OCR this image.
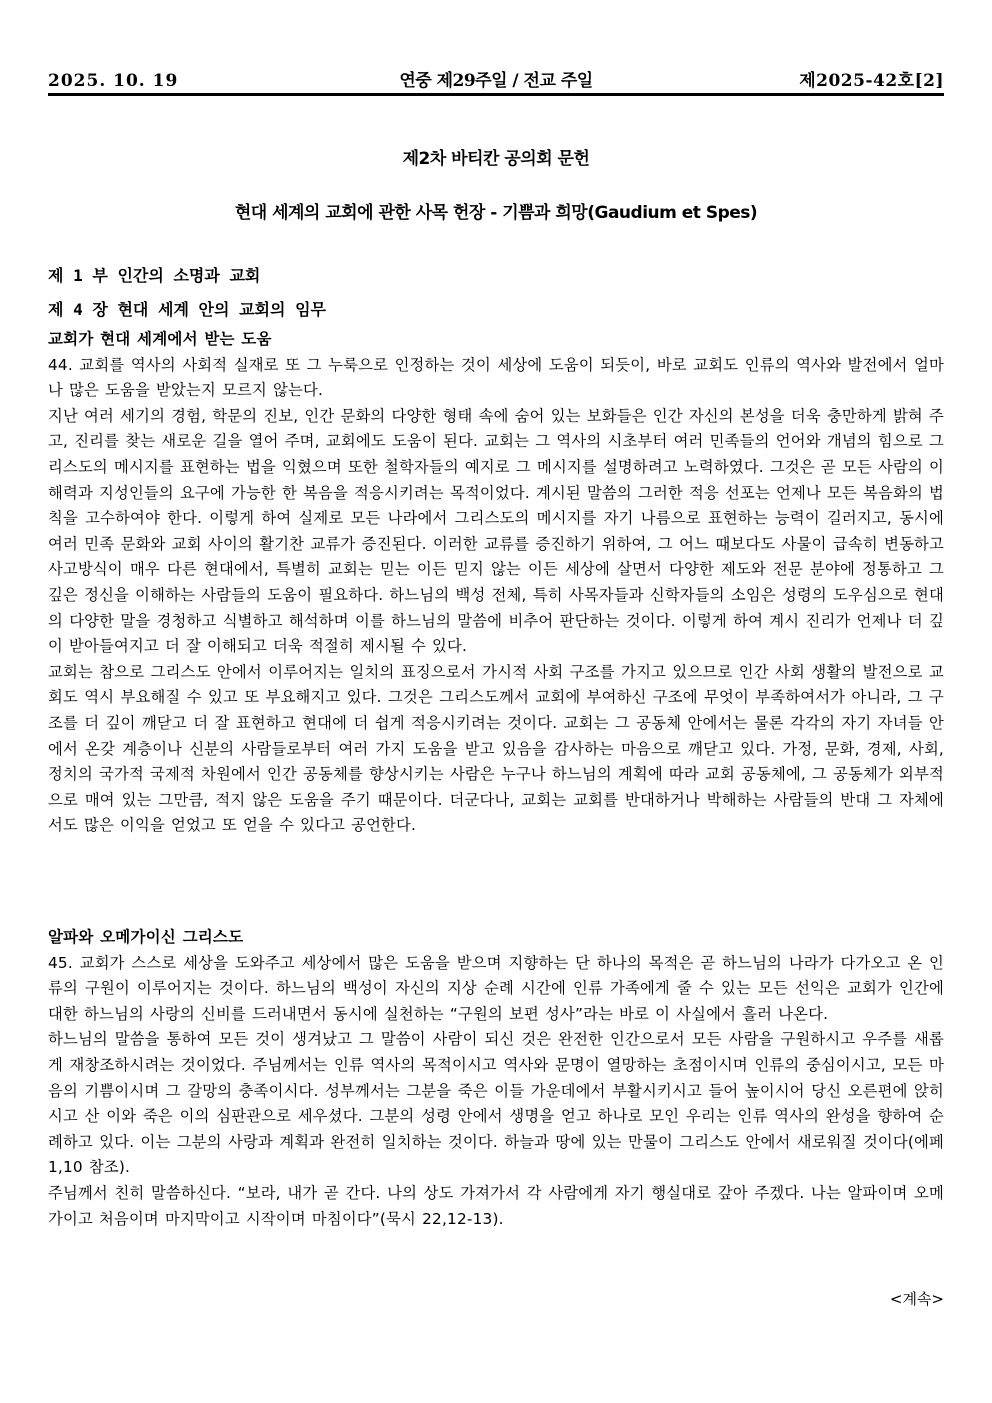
2025. 10. 19	연중 제29주일 / 전교 주일	제2025-42호[2]
제2차 바티칸 공의회 문헌
현대 세계의 교회에 관한 사목 헌장 - 기쁨과 희망(Gaudium et Spes)
제 1 부 인간의 소명과 교회
제 4 장 현대 세계 안의 교회의 임무
교회가 현대 세계에서 받는 도움

44. 교회를 역사의 사회적 실재로 또 그 누룩으로 인정하는 것이 세상에 도움이 되듯이, 바로 교회도 인류의 역사와 발전에서 얼마나 많은 도움을 받았는지 모르지 않는다.

지난 여러 세기의 경험, 학문의 진보, 인간 문화의 다양한 형태 속에 숨어 있는 보화들은 인간 자신의 본성을 더욱 충만하게 밝혀 주고, 진리를 찾는 새로운 길을 열어 주며, 교회에도 도움이 된다. 교회는 그 역사의 시초부터 여러 민족들의 언어와 개념의 힘으로 그리스도의 메시지를 표현하는 법을 익혔으며 또한 철학자들의 예지로 그 메시지를 설명하려고 노력하였다. 그것은 곧 모든 사람의 이해력과 지성인들의 요구에 가능한 한 복음을 적응시키려는 목적이었다. 계시된 말씀의 그러한 적응 선포는 언제나 모든 복음화의 법칙을 고수하여야 한다. 이렇게 하여 실제로 모든 나라에서 그리스도의 메시지를 자기 나름으로 표현하는 능력이 길러지고, 동시에 여러 민족 문화와 교회 사이의 활기찬 교류가 증진된다. 이러한 교류를 증진하기 위하여, 그 어느 때보다도 사물이 급속히 변동하고 사고방식이 매우 다른 현대에서, 특별히 교회는 믿는 이든 믿지 않는 이든 세상에 살면서 다양한 제도와 전문 분야에 정통하고 그 깊은 정신을 이해하는 사람들의 도움이 필요하다. 하느님의 백성 전체, 특히 사목자들과 신학자들의 소임은 성령의 도우심으로 현대의 다양한 말을 경청하고 식별하고 해석하며 이를 하느님의 말씀에 비추어 판단하는 것이다. 이렇게 하여 계시 진리가 언제나 더 깊이 받아들여지고 더 잘 이해되고 더욱 적절히 제시될 수 있다.

교회는 참으로 그리스도 안에서 이루어지는 일치의 표징으로서 가시적 사회 구조를 가지고 있으므로 인간 사회 생활의 발전으로 교회도 역시 부요해질 수 있고 또 부요해지고 있다. 그것은 그리스도께서 교회에 부여하신 구조에 무엇이 부족하여서가 아니라, 그 구조를 더 깊이 깨닫고 더 잘 표현하고 현대에 더 쉽게 적응시키려는 것이다. 교회는 그 공동체 안에서는 물론 각각의 자기 자녀들 안에서 온갖 계층이나 신분의 사람들로부터 여러 가지 도움을 받고 있음을 감사하는 마음으로 깨닫고 있다. 가정, 문화, 경제, 사회, 정치의 국가적 국제적 차원에서 인간 공동체를 향상시키는 사람은 누구나 하느님의 계획에 따라 교회 공동체에, 그 공동체가 외부적으로 매여 있는 그만큼, 적지 않은 도움을 주기 때문이다. 더군다나, 교회는 교회를 반대하거나 박해하는 사람들의 반대 그 자체에서도 많은 이익을 얻었고 또 얻을 수 있다고 공언한다.

알파와 오메가이신 그리스도

45. 교회가 스스로 세상을 도와주고 세상에서 많은 도움을 받으며 지향하는 단 하나의 목적은 곧 하느님의 나라가 다가오고 온 인류의 구원이 이루어지는 것이다. 하느님의 백성이 자신의 지상 순례 시간에 인류 가족에게 줄 수 있는 모든 선익은 교회가 인간에 대한 하느님의 사랑의 신비를 드러내면서 동시에 실천하는 “구원의 보편 성사”라는 바로 이 사실에서 흘러 나온다.

하느님의 말씀을 통하여 모든 것이 생겨났고 그 말씀이 사람이 되신 것은 완전한 인간으로서 모든 사람을 구원하시고 우주를 새롭게 재창조하시려는 것이었다. 주님께서는 인류 역사의 목적이시고 역사와 문명이 열망하는 초점이시며 인류의 중심이시고, 모든 마음의 기쁨이시며 그 갈망의 충족이시다. 성부께서는 그분을 죽은 이들 가운데에서 부활시키시고 들어 높이시어 당신 오른편에 앉히시고 산 이와 죽은 이의 심판관으로 세우셨다. 그분의 성령 안에서 생명을 얻고 하나로 모인 우리는 인류 역사의 완성을 향하여 순례하고 있다. 이는 그분의 사랑과 계획과 완전히 일치하는 것이다. 하늘과 땅에 있는 만물이 그리스도 안에서 새로워질 것이다(에페 1,10 참조).

주님께서 친히 말씀하신다. “보라, 내가 곧 간다. 나의 상도 가져가서 각 사람에게 자기 행실대로 갚아 주겠다. 나는 알파이며 오메가이고 처음이며 마지막이고 시작이며 마침이다”(묵시 22,12-13).

<계속>
